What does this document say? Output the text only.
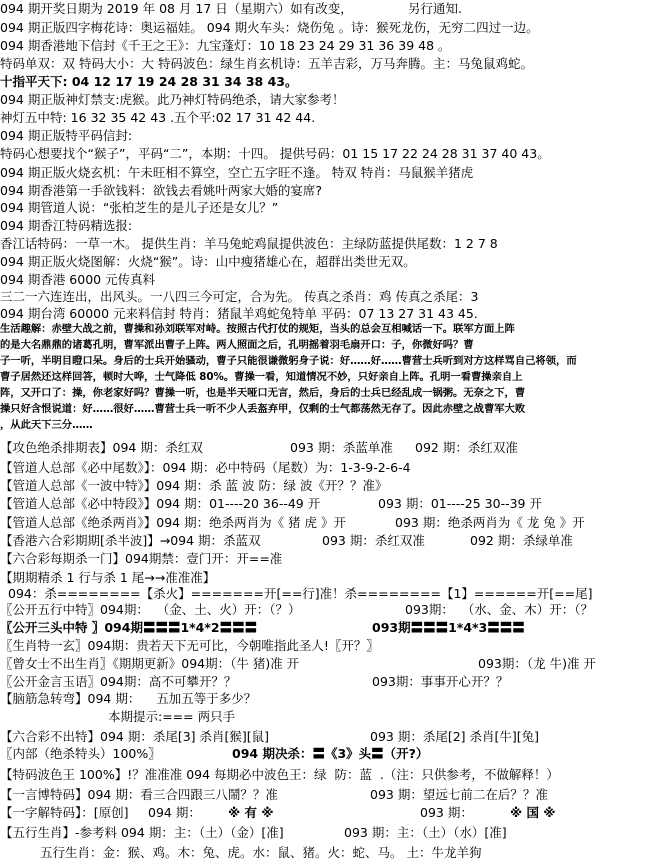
094 期开奖日期为 2019 年 08 月 17 日（星期六）如有改变，	另行通知.
094 期正版四字梅花诗：奥运福娃。 094 期火车头：烧伤兔 。诗：猴死龙伤，无穷二四过一边。
094 期香港地下信封《千王之王》：九宝蓬灯：10 18 23 24 29 31 36 39 48 。
特码单双：双 特码大小：大 特码波色：绿生肖玄机诗：五羊吉彩，万马奔腾。主：马兔鼠鸡蛇。
十指平天下: 04 12 17 19 24 28 31 34 38 43。
094 期正版神灯禁支:虎猴。此乃神灯特码绝杀，请大家参考！
神灯五中特: 16 32 35 42 43 .五个平:02 17 31 42 44.
094 期正版特平码信封:
特码心想要找个“猴子”，平码“二”，本期：十四。 提供号码：01 15 17 22 24 28 31 37 40 43。
094 期正版火烧玄机：午未旺相不算空，空亡五字旺不逢。 特双 特肖：马鼠猴羊猪虎
094 期香港第一手欲钱料：欲钱去看姚叶两家大婚的宴席?
094 期管道人说：“张柏芝生的是儿子还是女儿？”
094 期香江特码精选报:
香江话特码：一草一木。 提供生肖：羊马兔蛇鸡鼠提供波色：主绿防蓝提供尾数：1 2 7 8
094 期正版火烧图解：火烧“猴”。诗：山中瘦猪雄心在，超群出类世无双。
094 期香港 6000 元传真料
三二一六连连出，出风头。一八四三今可定，合为先。 传真之杀肖：鸡 传真之杀尾：3
094 期台湾 60000 元来料信封 特肖：猪鼠羊鸡蛇兔特单 平码：07 13 27 31 43 45.
生活趣解：赤壁大战之前，曹操和孙刘联军对峙。按照古代打仗的规矩，当头的总会互相喊话一下。联军方面上阵
的是大名鼎鼎的诸葛孔明，曹军派出曹子上阵。两人照面之后，孔明摇着羽毛扇开口：子，你微好吗？曹
子一听，半明目瞪口呆。身后的士兵开始骚动，曹子只能很谦微躬身子说：好……好……曹营士兵听到对方这样骂自己将领，而
曹子居然还这样回答，顿时大哗，士气降低 80%。曹操一看，知道情况不妙，只好亲自上阵。孔明一看曹操亲自上
阵，又开口了：操，你老家好吗？曹操一听，也是半天哑口无言，然后，身后的士兵已经乱成一锅粥。无奈之下，曹
操只好含恨说道：好……很好……曹营士兵一听不少人丢盔弃甲，仅剩的士气都荡然无存了。因此赤壁之战曹军大败
，从此天下三分……
【攻色绝杀排期表】094 期：杀红双	093 期：杀蓝单准 092 期：杀红双准
【管道人总部《必中尾数》】：094 期：必中特码（尾数）为：1-3-9-2-6-4
【管道人总部《一波中特》】094 期：杀 蓝 波 防：绿 波《开？？准》
【管道人总部《必中特段》】094 期：01----20 36--49 开	093 期：01----25 30--39 开
【管道人总部《绝杀两肖》】094 期：绝杀两肖为《 猪 虎 》开	093 期：绝杀两肖为《 龙 兔 》开
【香港六合彩期期[杀半波]】→094 期：杀蓝双	093 期：杀红双准	092 期：杀绿单准
【六合彩每期杀一门】094期禁：壹门开：开==准
【期期精杀 1 行与杀 1 尾→→准准准】
094：杀========【杀火】=======开[==行]准！杀========【1】======开[==尾]
〖公开五行中特〗094期：  （金、土、火）开：（？）	093期：  （水、金、木）开：（？
〖公开三头中特 〗094期〓〓〓1*4*2〓〓〓	093期〓〓〓1*4*3〓〓〓
〖生肖特一玄〗094期：贵若天下无可比，今朝唯指此圣人!〖开？〗
〖曾女士不出生肖〗《期期更新》094期：（牛 猪)准 开	093期：（龙 牛)准 开
〖公开金言玉语〗094期：高不可攀开？？	093期：事事开心开？？
【脑筋急转弯】094 期：    五加五等于多少？
本期提示:=== 两只手
【六合彩不出特】094 期：杀尾[3] 杀肖[猴][鼠]	093 期：杀尾[2] 杀肖[牛][兔]
〖内部（绝杀特头）100%〗	094 期决杀：〓《3》头〓（开?）
【特码波色王 100%】!？准准准 094 每期必中波色王：绿  防：蓝  .（注：只供参考，不做解释！）
【一言博特码】094 期：看三合四跟三八鬧？？准	093 期：望远七前二在后？？准
【一字解特码】：[原创] 094 期： ※ 有 ※	093 期：	※ 国 ※
【五行生肖】-参考料 094 期：主：（土）（金）[准]	093 期：主：（土）（水）[准]
五行生肖：金：猴、鸡。木：兔、虎。水：鼠、猪。火：蛇、马。 土：牛龙羊狗
